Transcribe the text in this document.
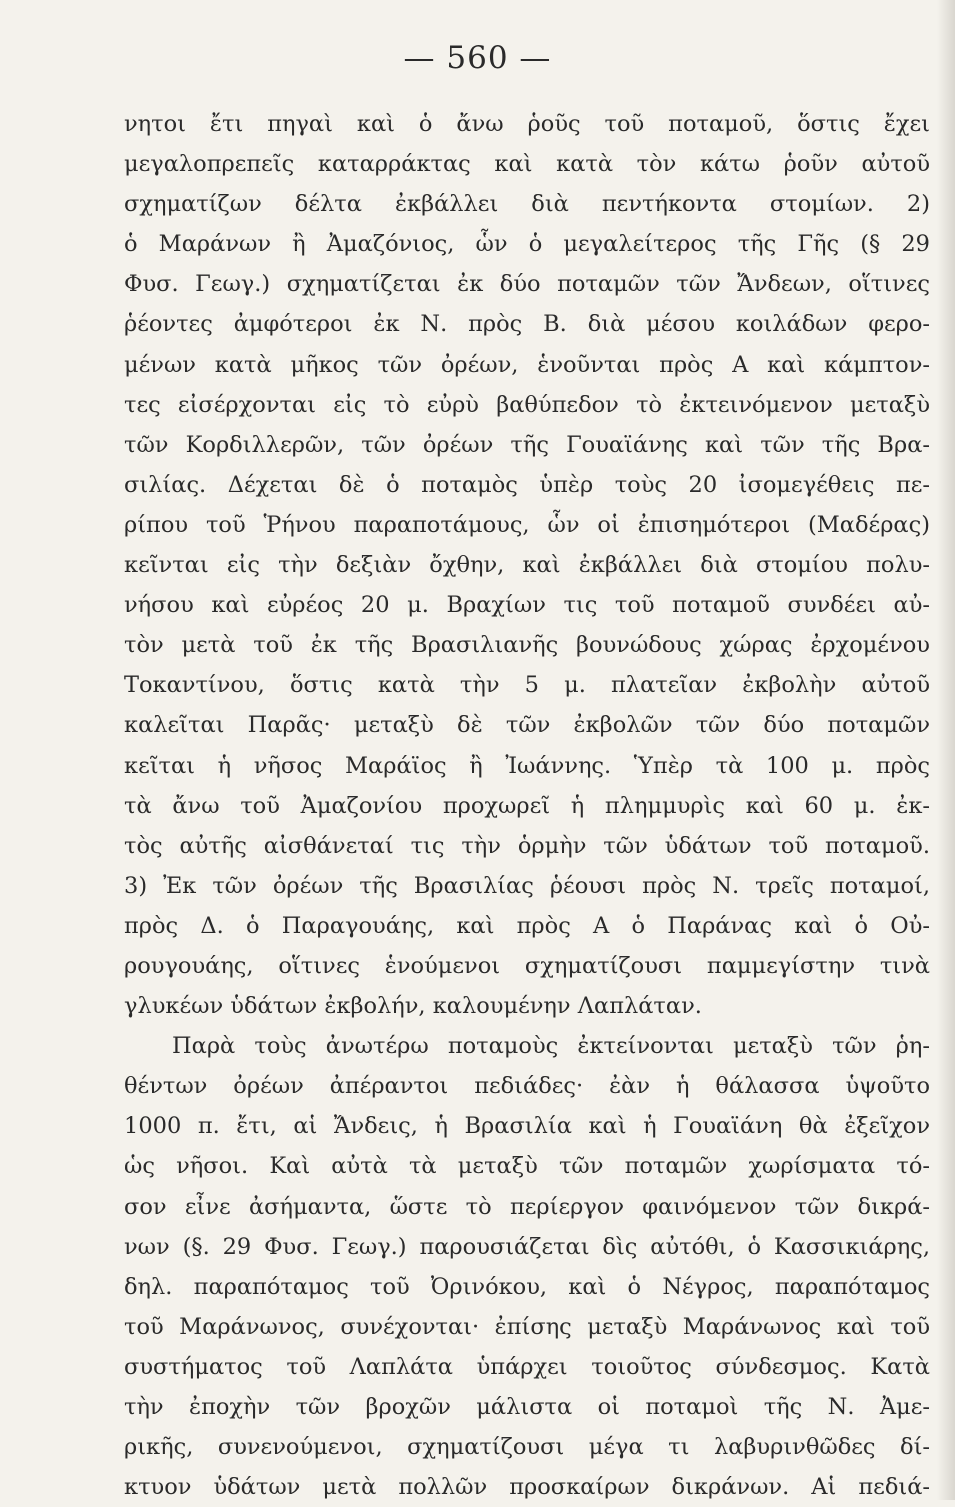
— 560 —
νητοι ἔτι πηγαὶ καὶ ὁ ἄνω ῥοῦς τοῦ ποταμοῦ, ὅστις ἔχει
μεγαλοπρεπεῖς καταρράκτας καὶ κατὰ τὸν κάτω ῥοῦν αὐτοῦ
σχηματίζων δέλτα ἐκβάλλει διὰ πεντήκοντα στομίων. 2)
ὁ Μαράνων ἢ Ἀμαζόνιος, ὧν ὁ μεγαλείτερος τῆς Γῆς (§ 29
Φυσ. Γεωγ.) σχηματίζεται ἐκ δύο ποταμῶν τῶν Ἄνδεων, οἵτινες
ῥέοντες ἀμφότεροι ἐκ Ν. πρὸς Β. διὰ μέσου κοιλάδων φερο-
μένων κατὰ μῆκος τῶν ὀρέων, ἑνοῦνται πρὸς Α καὶ κάμπτον-
τες εἰσέρχονται εἰς τὸ εὐρὺ βαθύπεδον τὸ ἐκτεινόμενον μεταξὺ
τῶν Κορδιλλερῶν, τῶν ὀρέων τῆς Γουαϊάνης καὶ τῶν τῆς Βρα-
σιλίας. Δέχεται δὲ ὁ ποταμὸς ὑπὲρ τοὺς 20 ἰσομεγέθεις πε-
ρίπου τοῦ Ῥήνου παραποτάμους, ὧν οἱ ἐπισημότεροι (Μαδέρας)
κεῖνται εἰς τὴν δεξιὰν ὄχθην, καὶ ἐκβάλλει διὰ στομίου πολυ-
νήσου καὶ εὐρέος 20 μ. Βραχίων τις τοῦ ποταμοῦ συνδέει αὐ-
τὸν μετὰ τοῦ ἐκ τῆς Βρασιλιανῆς βουνώδους χώρας ἐρχομένου
Τοκαντίνου, ὅστις κατὰ τὴν 5 μ. πλατεῖαν ἐκβολὴν αὐτοῦ
καλεῖται Παρᾶς· μεταξὺ δὲ τῶν ἐκβολῶν τῶν δύο ποταμῶν
κεῖται ἡ νῆσος Μαράϊος ἢ Ἰωάννης. Ὑπὲρ τὰ 100 μ. πρὸς
τὰ ἄνω τοῦ Ἀμαζονίου προχωρεῖ ἡ πλημμυρὶς καὶ 60 μ. ἐκ-
τὸς αὐτῆς αἰσθάνεταί τις τὴν ὁρμὴν τῶν ὑδάτων τοῦ ποταμοῦ.
3) Ἐκ τῶν ὀρέων τῆς Βρασιλίας ῥέουσι πρὸς Ν. τρεῖς ποταμοί,
πρὸς Δ. ὁ Παραγουάης, καὶ πρὸς Α ὁ Παράνας καὶ ὁ Οὐ-
ρουγουάης, οἵτινες ἑνούμενοι σχηματίζουσι παμμεγίστην τινὰ
γλυκέων ὑδάτων ἐκβολήν, καλουμένην Λαπλάταν.
Παρὰ τοὺς ἀνωτέρω ποταμοὺς ἐκτείνονται μεταξὺ τῶν ῥη-
θέντων ὀρέων ἀπέραντοι πεδιάδες· ἐὰν ἡ θάλασσα ὑψοῦτο
1000 π. ἔτι, αἱ Ἄνδεις, ἡ Βρασιλία καὶ ἡ Γουαϊάνη θὰ ἐξεῖχον
ὡς νῆσοι. Καὶ αὐτὰ τὰ μεταξὺ τῶν ποταμῶν χωρίσματα τό-
σον εἶνε ἀσήμαντα, ὥστε τὸ περίεργον φαινόμενον τῶν δικρά-
νων (§. 29 Φυσ. Γεωγ.) παρουσιάζεται δὶς αὐτόθι, ὁ Κασσικιάρης,
δηλ. παραπόταμος τοῦ Ὀρινόκου, καὶ ὁ Νέγρος, παραπόταμος
τοῦ Μαράνωνος, συνέχονται· ἐπίσης μεταξὺ Μαράνωνος καὶ τοῦ
συστήματος τοῦ Λαπλάτα ὑπάρχει τοιοῦτος σύνδεσμος. Κατὰ
τὴν ἐποχὴν τῶν βροχῶν μάλιστα οἱ ποταμοὶ τῆς Ν. Ἀμε-
ρικῆς, συνενούμενοι, σχηματίζουσι μέγα τι λαβυρινθῶδες δί-
κτυον ὑδάτων μετὰ πολλῶν προσκαίρων δικράνων. Αἱ πεδιά-
